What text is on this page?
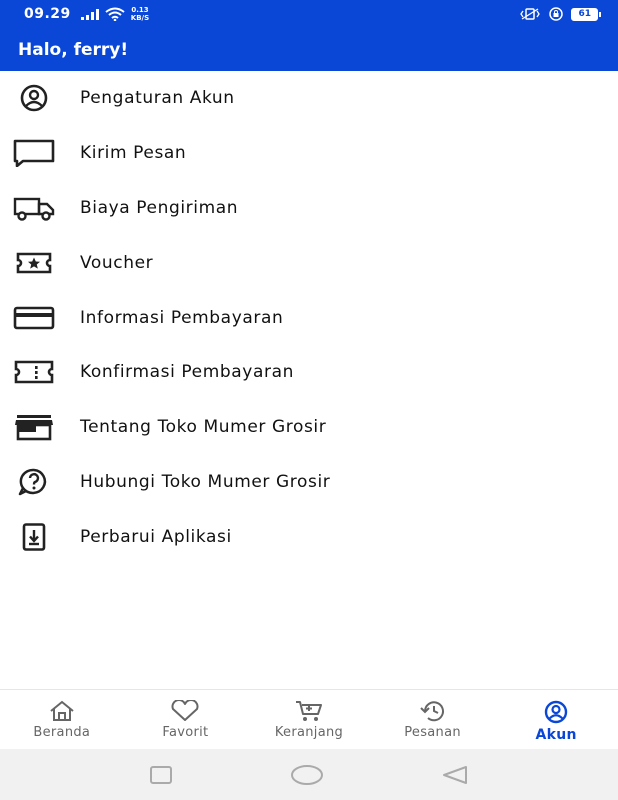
09.29	0.13
KB/S	61
Halo, ferry!
Pengaturan Akun
Kirim Pesan
Biaya Pengiriman
Voucher
Informasi Pembayaran
Konfirmasi Pembayaran
Tentang Toko Mumer Grosir
Hubungi Toko Mumer Grosir
Perbarui Aplikasi
Beranda	Favorit	Keranjang	Pesanan	Akun
